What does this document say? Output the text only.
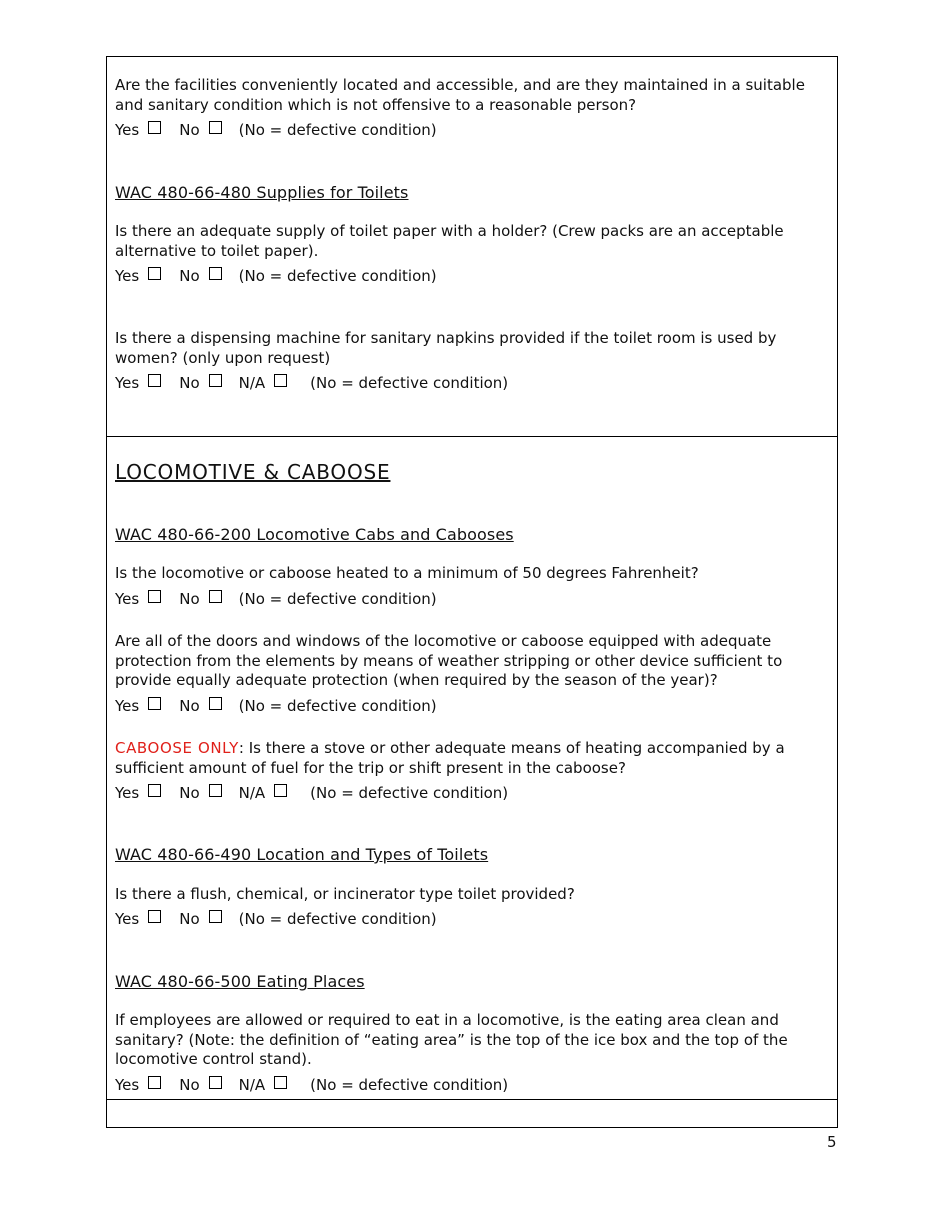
Are the facilities conveniently located and accessible, and are they maintained in a suitable and sanitary condition which is not offensive to a reasonable person?

Yes	No	(No = defective condition)

WAC 480-66-480 Supplies for Toilets

Is there an adequate supply of toilet paper with a holder? (Crew packs are an acceptable alternative to toilet paper).

Yes	No	(No = defective condition)

Is there a dispensing machine for sanitary napkins provided if the toilet room is used by women? (only upon request)

Yes	No	N/A	(No = defective condition)

LOCOMOTIVE & CABOOSE

WAC 480-66-200 Locomotive Cabs and Cabooses

Is the locomotive or caboose heated to a minimum of 50 degrees Fahrenheit?

Yes	No	(No = defective condition)

Are all of the doors and windows of the locomotive or caboose equipped with adequate protection from the elements by means of weather stripping or other device sufficient to provide equally adequate protection (when required by the season of the year)?

Yes	No	(No = defective condition)

CABOOSE ONLY: Is there a stove or other adequate means of heating accompanied by a sufficient amount of fuel for the trip or shift present in the caboose?

Yes	No	N/A	(No = defective condition)

WAC 480-66-490 Location and Types of Toilets

Is there a flush, chemical, or incinerator type toilet provided?

Yes	No	(No = defective condition)

WAC 480-66-500 Eating Places

If employees are allowed or required to eat in a locomotive, is the eating area clean and sanitary? (Note: the definition of “eating area” is the top of the ice box and the top of the locomotive control stand).

Yes	No	N/A	(No = defective condition)
5
